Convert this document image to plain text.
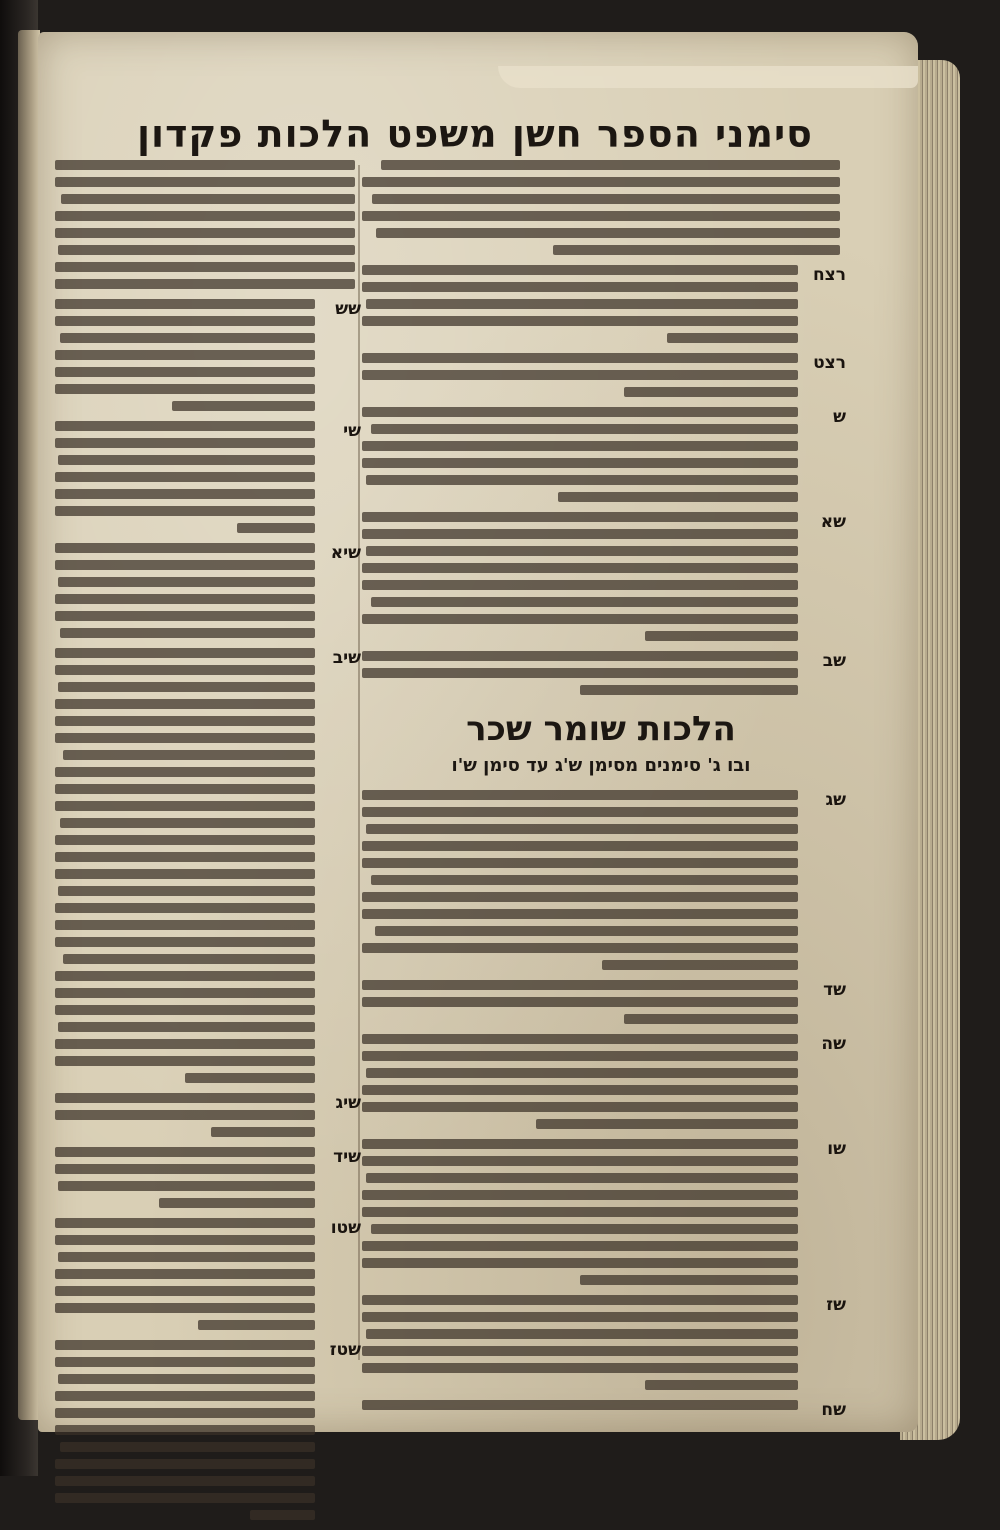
סימני הספר חשן משפט הלכות פקדון
רצח
רצט
ש
שא
שב
הלכות שומר שכר
ובו ג' סימנים מסימן ש'ג עד סימן ש'ו
שג
שד
שה
שו
שז
שח
שש
שי
שיא
שיב
שיג
שיד
שטו
שטז
